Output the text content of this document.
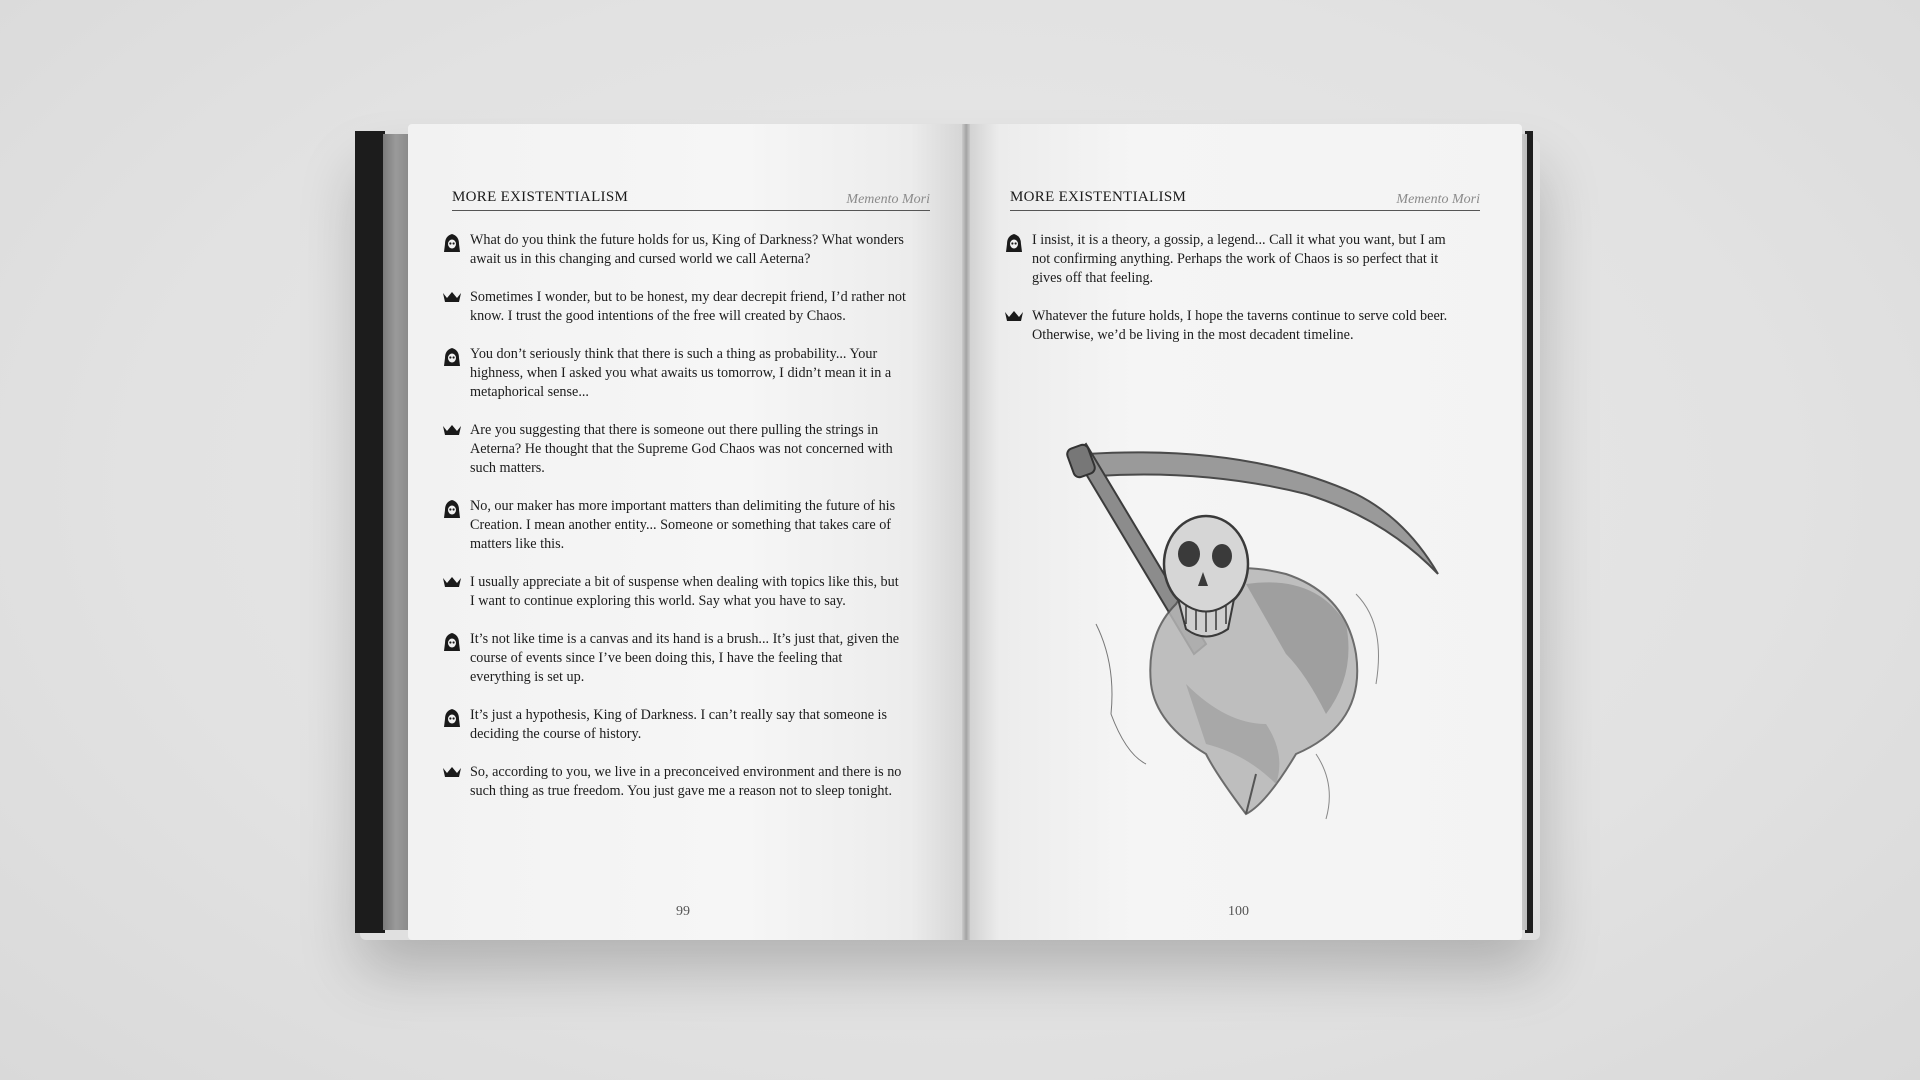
MORE EXISTENTIALISM	Memento Mori
What do you think the future holds for us, King of Darkness? What wonders await us in this changing and cursed world we call Aeterna?
Sometimes I wonder, but to be honest, my dear decrepit friend, I’d rather not know. I trust the good intentions of the free will created by Chaos.
You don’t seriously think that there is such a thing as probability... Your highness, when I asked you what awaits us tomorrow, I didn’t mean it in a metaphorical sense...
Are you suggesting that there is someone out there pulling the strings in Aeterna? He thought that the Supreme God Chaos was not concerned with such matters.
No, our maker has more important matters than delimiting the future of his Creation. I mean another entity... Someone or something that takes care of matters like this.
I usually appreciate a bit of suspense when dealing with topics like this, but I want to continue exploring this world. Say what you have to say.
It’s not like time is a canvas and its hand is a brush... It’s just that, given the course of events since I’ve been doing this, I have the feeling that everything is set up.
It’s just a hypothesis, King of Darkness. I can’t really say that someone is deciding the course of history.
So, according to you, we live in a preconceived environment and there is no such thing as true freedom. You just gave me a reason not to sleep tonight.
99
MORE EXISTENTIALISM	Memento Mori
I insist, it is a theory, a gossip, a legend... Call it what you want, but I am not confirming anything. Perhaps the work of Chaos is so perfect that it gives off that feeling.
Whatever the future holds, I hope the taverns continue to serve cold beer. Otherwise, we’d be living in the most decadent timeline.
100
